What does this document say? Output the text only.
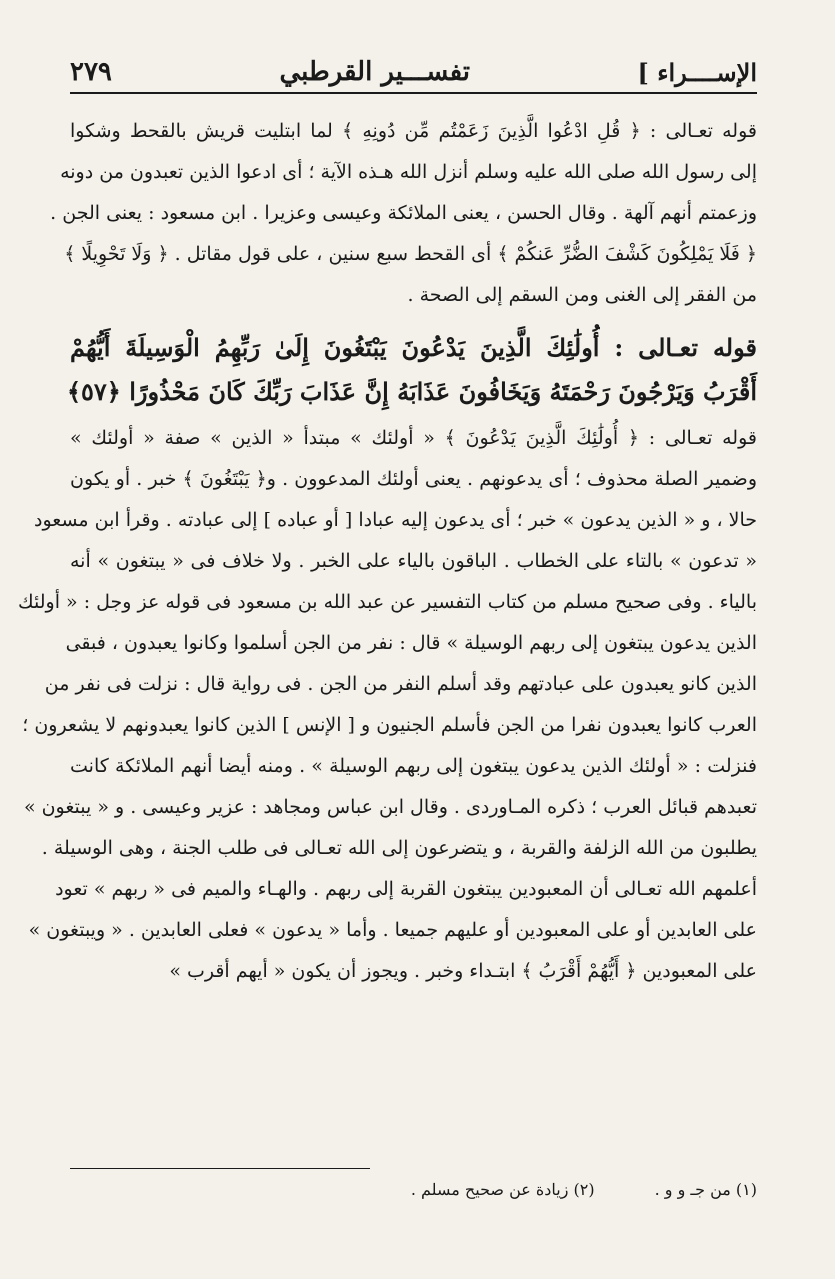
الإســــراء ]
تفســـير القرطبي
٢٧٩
قوله تعـالى : ﴿ قُلِ ادْعُوا الَّذِينَ زَعَمْتُم مِّن دُونِهِ ﴾ لما ابتليت قريش بالقحط وشكوا
إلى رسول الله صلى الله عليه وسلم أنزل الله هـذه الآية ؛ أى ادعوا الذين تعبدون من دونه
وزعمتم أنهم آلهة . وقال الحسن ، يعنى الملائكة وعيسى وعزيرا . ابن مسعود : يعنى الجن .
﴿ فَلَا يَمْلِكُونَ كَشْفَ الضُّرِّ عَنكُمْ ﴾ أى القحط سبع سنين ، على قول مقاتل . ﴿ وَلَا تَحْوِيلًا ﴾
من الفقر إلى الغنى ومن السقم إلى الصحة .
قوله تعـالى : أُولَٰئِكَ الَّذِينَ يَدْعُونَ يَبْتَغُونَ إِلَىٰ رَبِّهِمُ الْوَسِيلَةَ أَيُّهُمْ
أَقْرَبُ وَيَرْجُونَ رَحْمَتَهُ وَيَخَافُونَ عَذَابَهُ إِنَّ عَذَابَ رَبِّكَ كَانَ مَحْذُورًا ﴿٥٧﴾
قوله تعـالى : ﴿ أُولَٰئِكَ الَّذِينَ يَدْعُونَ ﴾ « أولئك » مبتدأ « الذين » صفة « أولئك »
وضمير الصلة محذوف ؛ أى يدعونهم . يعنى أولئك المدعوون . و﴿ يَبْتَغُونَ ﴾ خبر . أو يكون
حالا ، و « الذين يدعون » خبر ؛ أى يدعون إليه عبادا [ أو عباده ] إلى عبادته . وقرأ ابن مسعود
« تدعون » بالتاء على الخطاب . الباقون بالياء على الخبر . ولا خلاف فى « يبتغون » أنه
بالياء . وفى صحيح مسلم من كتاب التفسير عن عبد الله بن مسعود فى قوله عز وجل : « أولئك
الذين يدعون يبتغون إلى ربهم الوسيلة » قال : نفر من الجن أسلموا وكانوا يعبدون ، فبقى
الذين كانو يعبدون على عبادتهم وقد أسلم النفر من الجن . فى رواية قال : نزلت فى نفر من
العرب كانوا يعبدون نفرا من الجن فأسلم الجنيون و [ الإنس ] الذين كانوا يعبدونهم لا يشعرون ؛
فنزلت : « أولئك الذين يدعون يبتغون إلى ربهم الوسيلة » . ومنه أيضا أنهم الملائكة كانت
تعبدهم قبائل العرب ؛ ذكره المـاوردى . وقال ابن عباس ومجاهد : عزير وعيسى . و « يبتغون »
يطلبون من الله الزلفة والقربة ، و يتضرعون إلى الله تعـالى فى طلب الجنة ، وهى الوسيلة .
أعلمهم الله تعـالى أن المعبودين يبتغون القربة إلى ربهم . والهـاء والميم فى « ربهم » تعود
على العابدين أو على المعبودين أو عليهم جميعا . وأما « يدعون » فعلى العابدين . « ويبتغون »
على المعبودين ﴿ أَيُّهُمْ أَقْرَبُ ﴾ ابتـداء وخبر . ويجوز أن يكون « أيهم أقرب »
(١) من جـ و و .
(٢) زيادة عن صحيح مسلم .
